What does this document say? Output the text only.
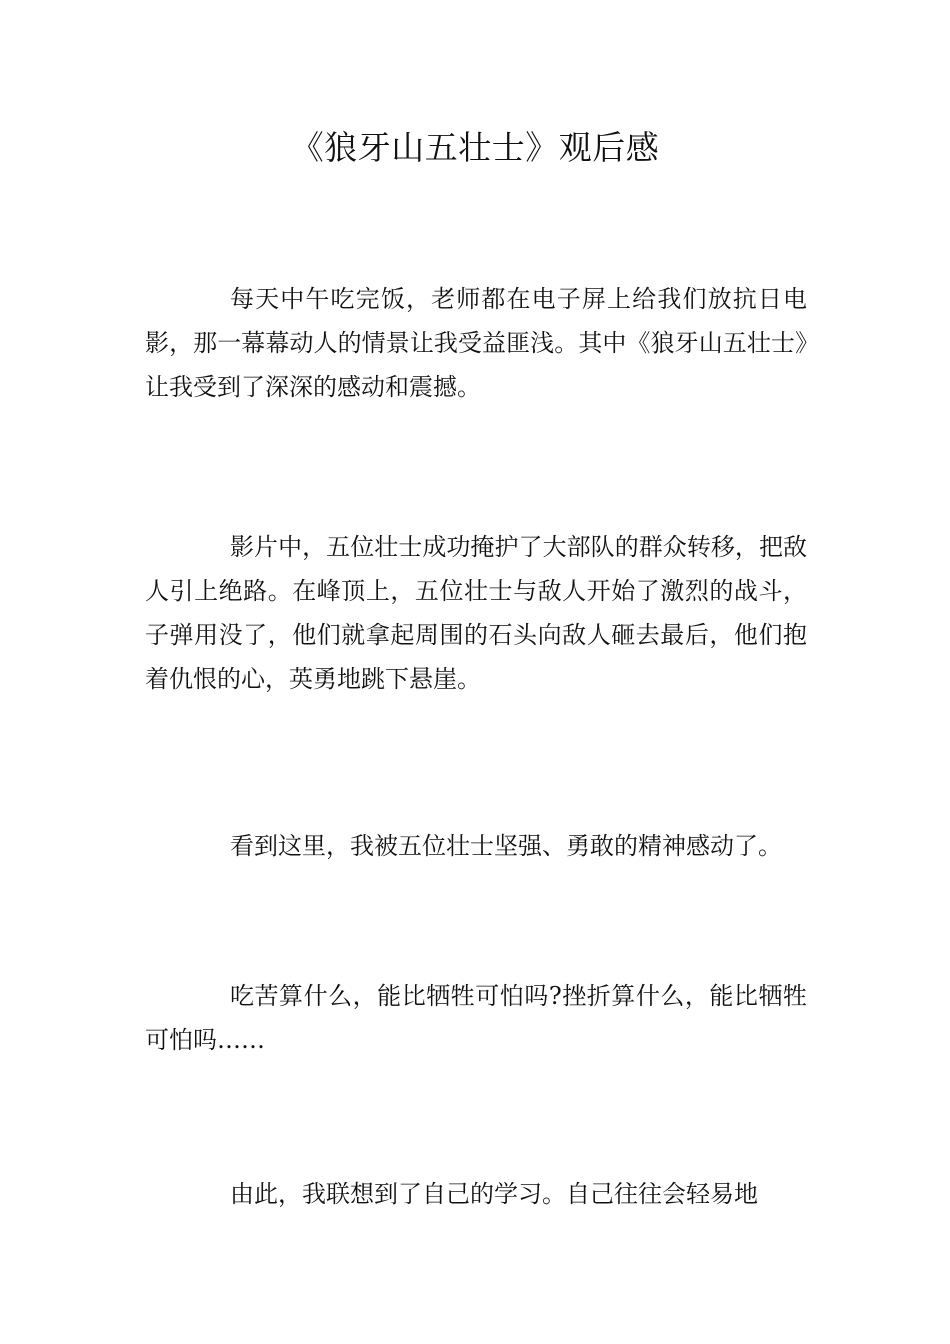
《狼牙山五壮士》观后感

每天中午吃完饭，老师都在电子屏上给我们放抗日电影，那一幕幕动人的情景让我受益匪浅。其中《狼牙山五壮士》让我受到了深深的感动和震撼。

影片中，五位壮士成功掩护了大部队的群众转移，把敌人引上绝路。在峰顶上，五位壮士与敌人开始了激烈的战斗，子弹用没了，他们就拿起周围的石头向敌人砸去最后，他们抱着仇恨的心，英勇地跳下悬崖。

看到这里，我被五位壮士坚强、勇敢的精神感动了。

吃苦算什么，能比牺牲可怕吗?挫折算什么，能比牺牲可怕吗……

由此，我联想到了自己的学习。自己往往会轻易地
